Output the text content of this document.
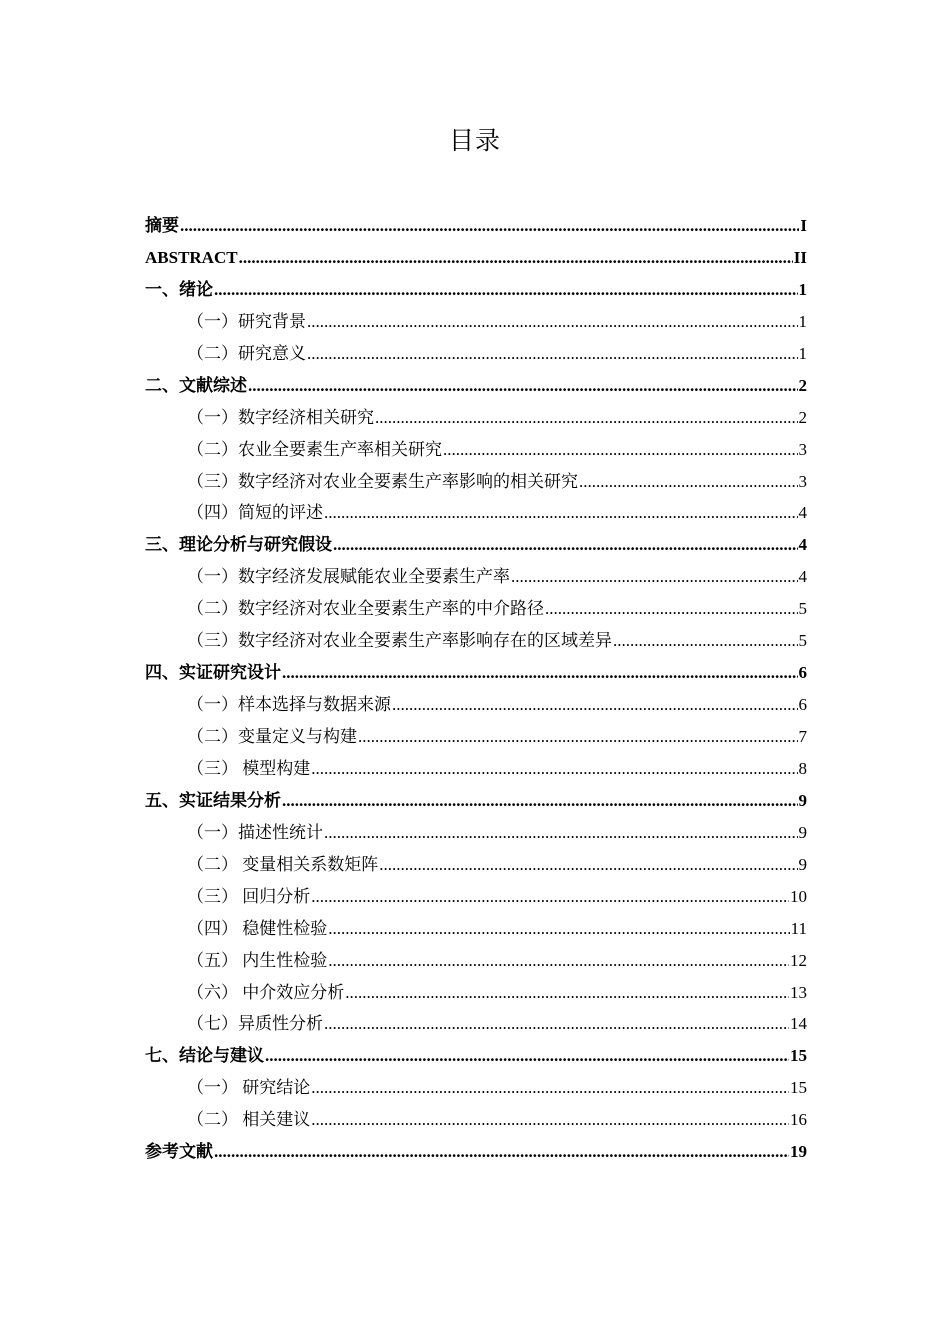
目录
摘要 .....	I
ABSTRACT .....	II
一、绪论 .....	1
（一）研究背景 .....	1
（二）研究意义 .....	1
二、文献综述 .....	2
（一）数字经济相关研究 .....	2
（二）农业全要素生产率相关研究 .....	3
（三）数字经济对农业全要素生产率影响的相关研究 .....	3
（四）简短的评述 .....	4
三、理论分析与研究假设 .....	4
（一）数字经济发展赋能农业全要素生产率 .....	4
（二）数字经济对农业全要素生产率的中介路径 .....	5
（三）数字经济对农业全要素生产率影响存在的区域差异 .....	5
四、实证研究设计 .....	6
（一）样本选择与数据来源 .....	6
（二）变量定义与构建 .....	7
（三） 模型构建 .....	8
五、实证结果分析 .....	9
（一）描述性统计 .....	9
（二） 变量相关系数矩阵 .....	9
（三） 回归分析 .....	10
（四） 稳健性检验 .....	11
（五） 内生性检验 .....	12
（六） 中介效应分析 .....	13
（七）异质性分析 .....	14
七、结论与建议 .....	15
（一） 研究结论 .....	15
（二） 相关建议 .....	16
参考文献 .....	19
